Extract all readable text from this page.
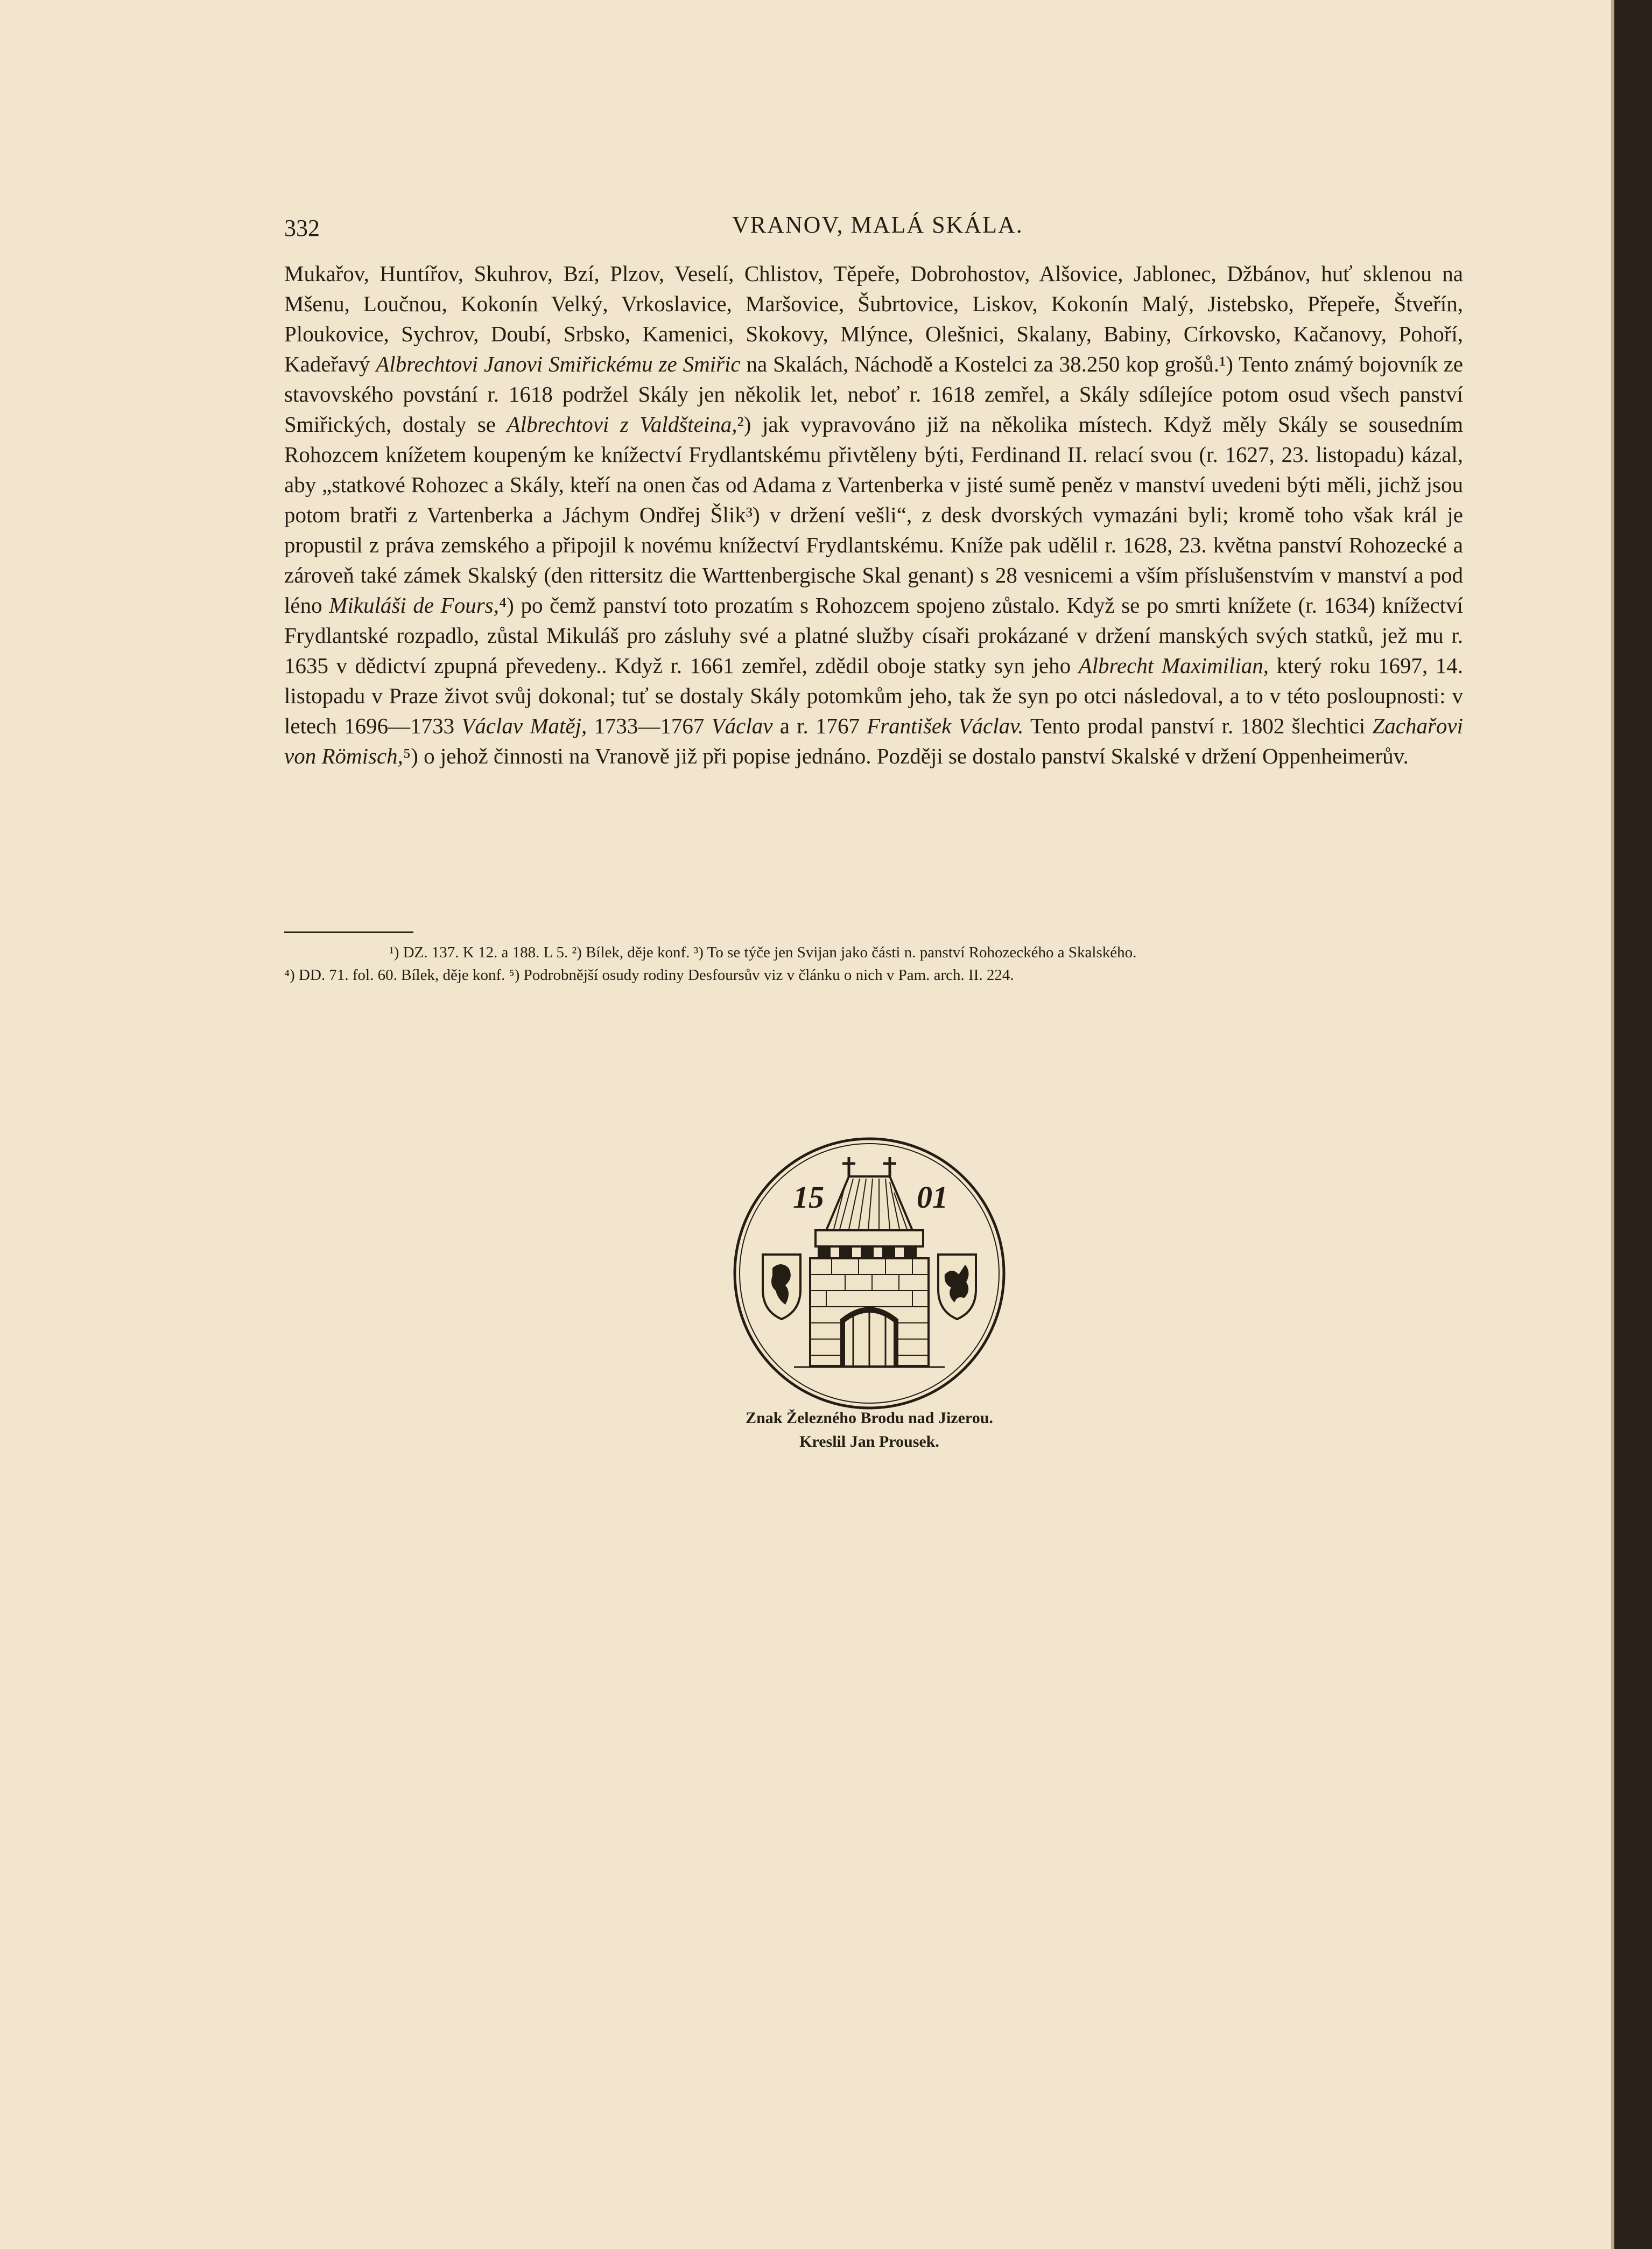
332	VRANOV, MALÁ SKÁLA.
Mukařov, Huntířov, Skuhrov, Bzí, Plzov, Veselí, Chlistov, Těpeře, Dobrohostov, Alšovice, Jablonec, Džbánov, huť sklenou na Mšenu, Loučnou, Kokonín Velký, Vrkoslavice, Maršovice, Šubrtovice, Liskov, Kokonín Malý, Jistebsko, Přepeře, Štveřín, Ploukovice, Sychrov, Doubí, Srbsko, Kamenici, Skokovy, Mlýnce, Olešnici, Skalany, Babiny, Církovsko, Kačanovy, Pohoří, Kadeřavý Albrechtovi Janovi Smiřickému ze Smiřic na Skalách, Náchodě a Kostelci za 38.250 kop grošů.¹) Tento známý bojovník ze stavovského povstání r. 1618 podržel Skály jen několik let, neboť r. 1618 zemřel, a Skály sdílejíce potom osud všech panství Smiřických, dostaly se Albrechtovi z Valdšteina,²) jak vypravováno již na několika místech. Když měly Skály se sousedním Rohozcem knížetem koupeným ke knížectví Frydlantskému přivtěleny býti, Ferdinand II. relací svou (r. 1627, 23. listopadu) kázal, aby „statkové Rohozec a Skály, kteří na onen čas od Adama z Vartenberka v jisté sumě peněz v manství uvedeni býti měli, jichž jsou potom bratři z Vartenberka a Jáchym Ondřej Šlik³) v držení vešli“, z desk dvorských vymazáni byli; kromě toho však král je propustil z práva zemského a připojil k novému knížectví Frydlantskému. Kníže pak udělil r. 1628, 23. května panství Rohozecké a zároveň také zámek Skalský (den rittersitz die Warttenbergische Skal genant) s 28 vesnicemi a vším příslušenstvím v manství a pod léno Mikuláši de Fours,⁴) po čemž panství toto prozatím s Rohozcem spojeno zůstalo. Když se po smrti knížete (r. 1634) knížectví Frydlantské rozpadlo, zůstal Mikuláš pro zásluhy své a platné služby císaři prokázané v držení manských svých statků, jež mu r. 1635 v dědictví zpupná převedeny.. Když r. 1661 zemřel, zdědil oboje statky syn jeho Albrecht Maximilian, který roku 1697, 14. listopadu v Praze život svůj dokonal; tuť se dostaly Skály potomkům jeho, tak že syn po otci následoval, a to v této posloupnosti: v letech 1696—1733 Václav Matěj, 1733—1767 Václav a r. 1767 František Václav. Tento prodal panství r. 1802 šlechtici Zachařovi von Römisch,⁵) o jehož činnosti na Vranově již při popise jednáno. Později se dostalo panství Skalské v držení Oppenheimerův.
¹) DZ. 137. K 12. a 188. L 5. ²) Bílek, děje konf. ³) To se týče jen Svijan jako části n. panství Rohozeckého a Skalského.
⁴) DD. 71. fol. 60. Bílek, děje konf. ⁵) Podrobnější osudy rodiny Desfoursův viz v článku o nich v Pam. arch. II. 224.
15	01
Znak Železného Brodu nad Jizerou.
Kreslil Jan Prousek.
